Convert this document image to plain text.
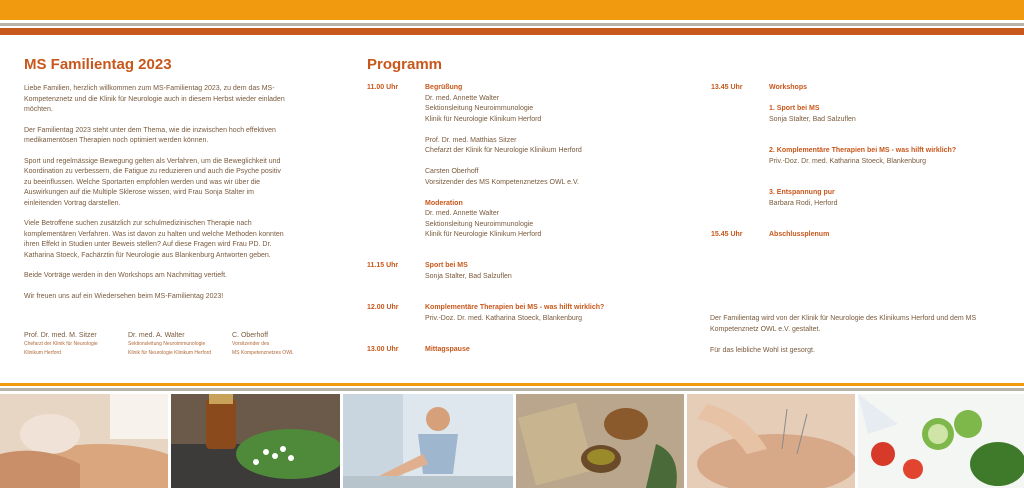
MS Familientag 2023	Programm

Liebe Familien, herzlich willkommen zum MS-Familientag 2023, zu dem das MS-Kompetenznetz und die Klinik für Neurologie auch in diesem Herbst wieder einladen möchten.

Der Familientag 2023 steht unter dem Thema, wie die inzwischen hoch effektiven medikamentösen Therapien noch optimiert werden können.

Sport und regelmässige Bewegung gelten als Verfahren, um die Beweglichkeit und Koordination zu verbessern, die Fatigue zu reduzieren und auch die Psyche positiv zu beeinflussen. Welche Sportarten empfohlen werden und was wir über die Auswirkungen auf die Multiple Sklerose wissen, wird Frau Sonja Stalter im einleitenden Vortrag darstellen.

Viele Betroffene suchen zusätzlich zur schulmedizinischen Therapie nach komplementären Verfahren. Was ist davon zu halten und welche Methoden konnten ihren Effekt in Studien unter Beweis stellen? Auf diese Fragen wird Frau PD. Dr. Katharina Stoeck, Fachärztin für Neurologie aus Blankenburg Antworten geben.

Beide Vorträge werden in den Workshops am Nachmittag vertieft.

Wir freuen uns auf ein Wiedersehen beim MS-Familientag 2023!

Prof. Dr. med. M. Sitzer
Chefarzt der Klinik für Neurologie
Klinikum Herford
Dr. med. A. Walter
Sektionsleitung Neuroimmunologie
Klinik für Neurologie Klinikum Herford
C. Oberhoff
Vorsitzender des
MS Kompetenznetzes OWL
11.00 Uhr	Begrüßung

Dr. med. Annette Walter

Sektionsleitung Neuroimmunologie

Klinik für Neurologie Klinikum Herford

Prof. Dr. med. Matthias Sitzer

Chefarzt der Klinik für Neurologie Klinikum Herford

Carsten Oberhoff

Vorsitzender des MS Kompetenznetzes OWL e.V.

Moderation

Dr. med. Annette Walter

Sektionsleitung Neuroimmunologie

Klinik für Neurologie Klinikum Herford

11.15 Uhr	Sport bei MS

Sonja Stalter, Bad Salzuflen

12.00 Uhr	Komplementäre Therapien bei MS - was hilft wirklich?

Priv.-Doz. Dr. med. Katharina Stoeck, Blankenburg

13.00 Uhr	Mittagspause

13.45 Uhr	Workshops

1. Sport bei MS

Sonja Stalter, Bad Salzuflen

2. Komplementäre Therapien bei MS - was hilft wirklich?

Priv.-Doz. Dr. med. Katharina Stoeck, Blankenburg

3. Entspannung pur

Barbara Rodi, Herford

15.45 Uhr	Abschlussplenum

Der Familientag wird von der Klinik für Neurologie des Klinikums Herford und dem MS Kompetenznetz OWL e.V. gestaltet.

Für das leibliche Wohl ist gesorgt.
